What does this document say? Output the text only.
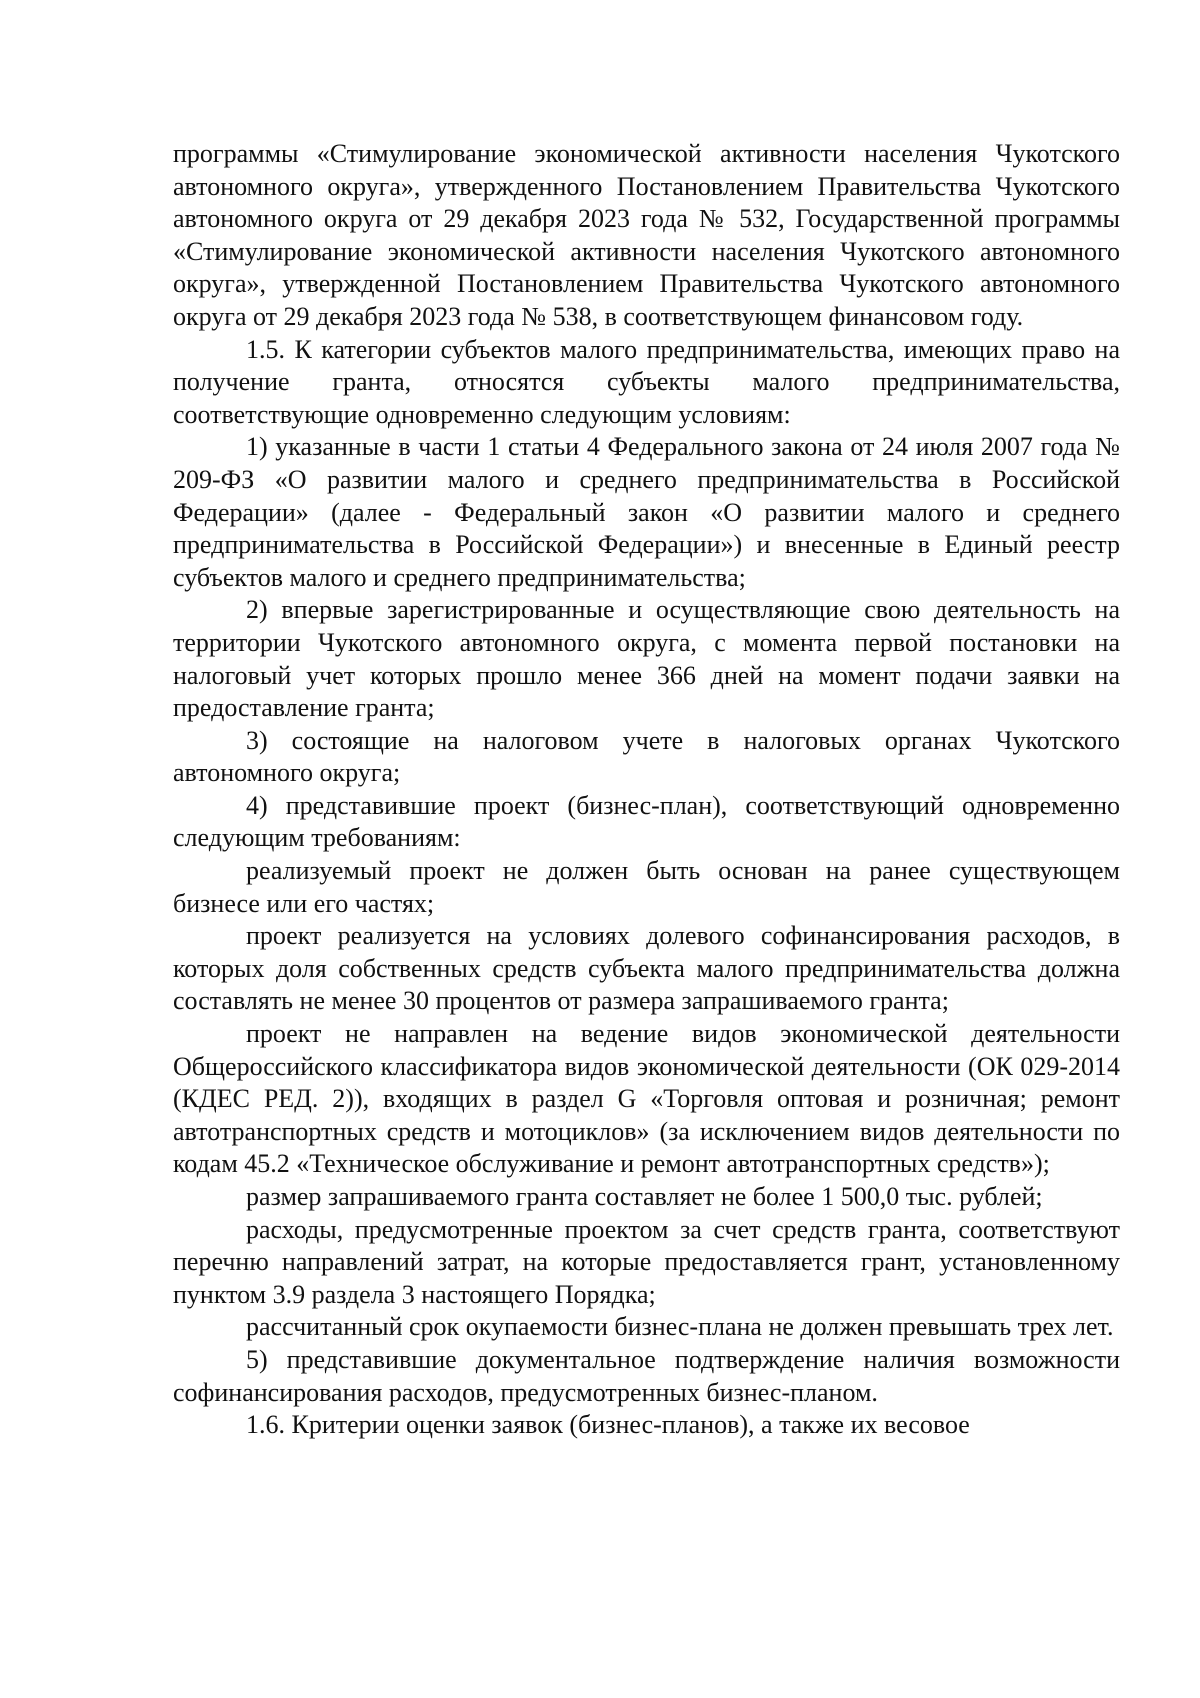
программы «Стимулирование экономической активности населения Чукотского автономного округа», утвержденного Постановлением Правительства Чукотского автономного округа от 29 декабря 2023 года № 532, Государственной программы «Стимулирование экономической активности населения Чукотского автономного округа», утвержденной Постановлением Правительства Чукотского автономного округа от 29 декабря 2023 года № 538, в соответствующем финансовом году.

1.5. К категории субъектов малого предпринимательства, имеющих право на получение гранта, относятся субъекты малого предпринимательства, соответствующие одновременно следующим условиям:

1) указанные в части 1 статьи 4 Федерального закона от 24 июля 2007 года № 209-ФЗ «О развитии малого и среднего предпринимательства в Российской Федерации» (далее - Федеральный закон «О развитии малого и среднего предпринимательства в Российской Федерации») и внесенные в Единый реестр субъектов малого и среднего предпринимательства;

2) впервые зарегистрированные и осуществляющие свою деятельность на территории Чукотского автономного округа, с момента первой постановки на налоговый учет которых прошло менее 366 дней на момент подачи заявки на предоставление гранта;

3) состоящие на налоговом учете в налоговых органах Чукотского автономного округа;

4) представившие проект (бизнес-план), соответствующий одновременно следующим требованиям:

реализуемый проект не должен быть основан на ранее существующем бизнесе или его частях;

проект реализуется на условиях долевого софинансирования расходов, в которых доля собственных средств субъекта малого предпринимательства должна составлять не менее 30 процентов от размера запрашиваемого гранта;

проект не направлен на ведение видов экономической деятельности Общероссийского классификатора видов экономической деятельности (ОК 029-2014 (КДЕС РЕД. 2)), входящих в раздел G «Торговля оптовая и розничная; ремонт автотранспортных средств и мотоциклов» (за исключением видов деятельности по кодам 45.2 «Техническое обслуживание и ремонт автотранспортных средств»);

размер запрашиваемого гранта составляет не более 1 500,0 тыс. рублей;

расходы, предусмотренные проектом за счет средств гранта, соответствуют перечню направлений затрат, на которые предоставляется грант, установленному пунктом 3.9 раздела 3 настоящего Порядка;

рассчитанный срок окупаемости бизнес-плана не должен превышать трех лет.

5) представившие документальное подтверждение наличия возможности софинансирования расходов, предусмотренных бизнес-планом.

1.6. Критерии оценки заявок (бизнес-планов), а также их весовое
